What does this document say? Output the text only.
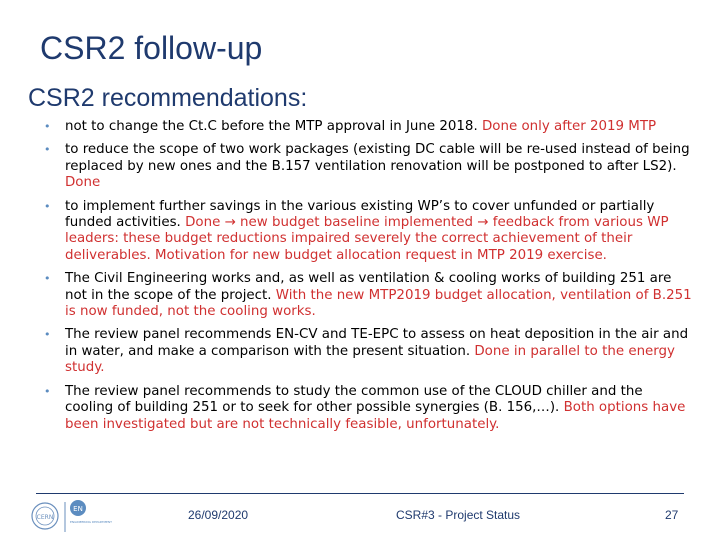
CSR2 follow-up
CSR2 recommendations:
• not to change the Ct.C before the MTP approval in June 2018. Done only after 2019 MTP
• to reduce the scope of two work packages (existing DC cable will be re-used instead of being replaced by new ones and the B.157 ventilation renovation will be postponed to after LS2). Done
• to implement further savings in the various existing WP’s to cover unfunded or partially funded activities. Done → new budget baseline implemented → feedback from various WP leaders: these budget reductions impaired severely the correct achievement of their deliverables. Motivation for new budget allocation request in MTP 2019 exercise.
• The Civil Engineering works and, as well as ventilation & cooling works of building 251 are not in the scope of the project. With the new MTP2019 budget allocation, ventilation of B.251 is now funded, not the cooling works.
• The review panel recommends EN-CV and TE-EPC to assess on heat deposition in the air and in water, and make a comparison with the present situation. Done in parallel to the energy study.
• The review panel recommends to study the common use of the CLOUD chiller and the cooling of building 251 or to seek for other possible synergies (B. 156,…). Both options have been investigated but are not technically feasible, unfortunately.
CERN
EN
ENGINEERING DEPARTMENT	26/09/2020	CSR#3 - Project Status	27
